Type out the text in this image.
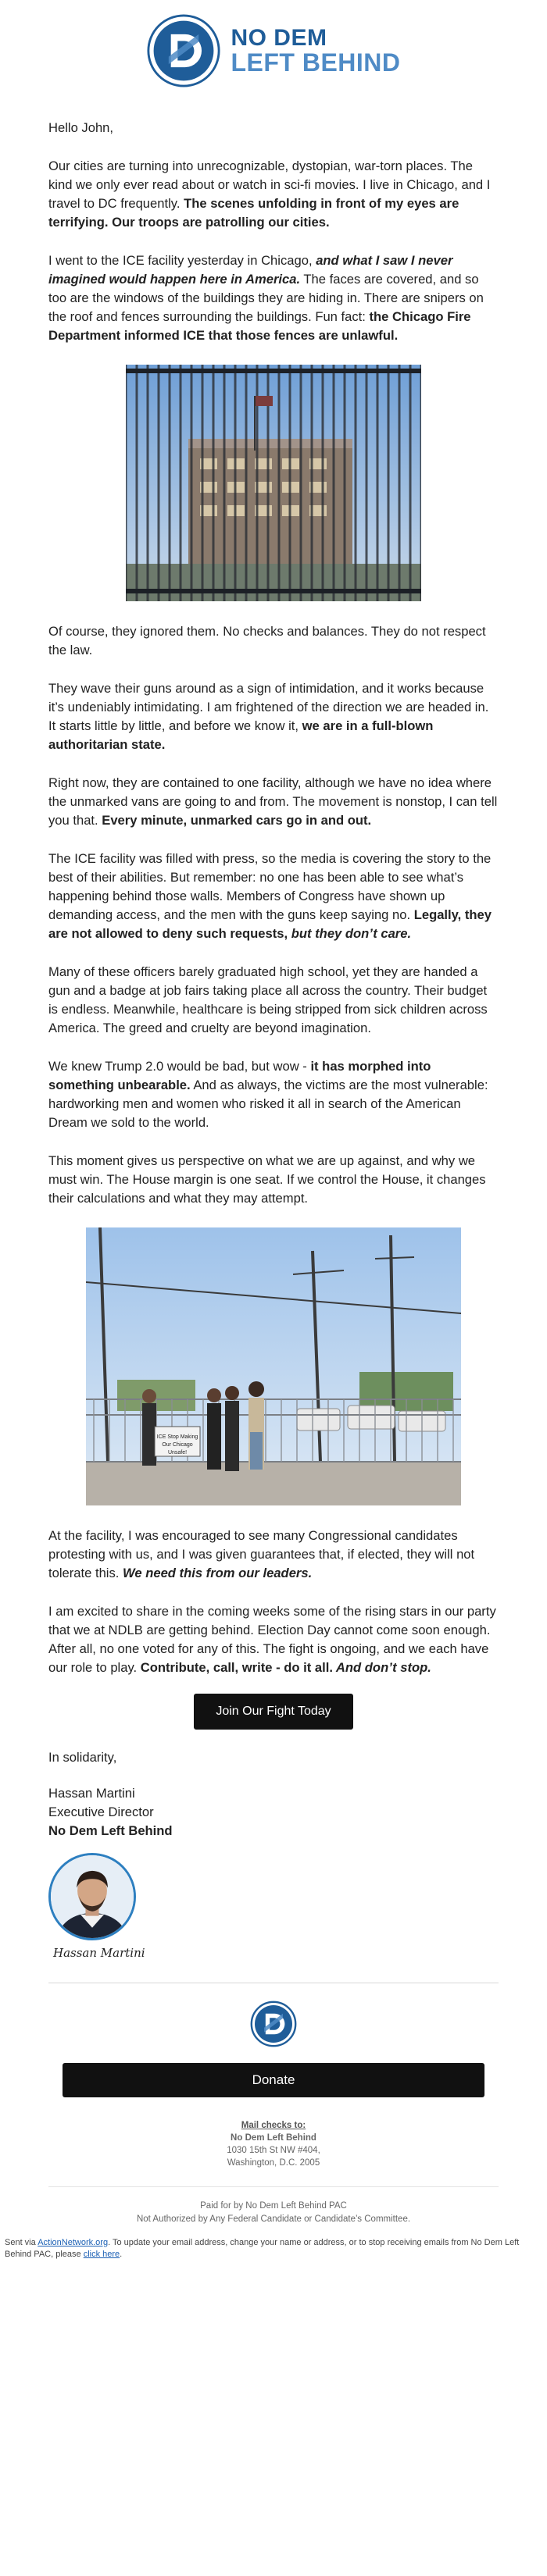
NO DEM
LEFT BEHIND

Hello John,

Our cities are turning into unrecognizable, dystopian, war-torn places. The kind we only ever read about or watch in sci-fi movies. I live in Chicago, and I travel to DC frequently. The scenes unfolding in front of my eyes are terrifying. Our troops are patrolling our cities.

I went to the ICE facility yesterday in Chicago, and what I saw I never imagined would happen here in America. The faces are covered, and so too are the windows of the buildings they are hiding in. There are snipers on the roof and fences surrounding the buildings. Fun fact: the Chicago Fire Department informed ICE that those fences are unlawful.

Of course, they ignored them. No checks and balances. They do not respect the law.

They wave their guns around as a sign of intimidation, and it works because it’s undeniably intimidating. I am frightened of the direction we are headed in. It starts little by little, and before we know it, we are in a full-blown authoritarian state.

Right now, they are contained to one facility, although we have no idea where the unmarked vans are going to and from. The movement is nonstop, I can tell you that. Every minute, unmarked cars go in and out.

The ICE facility was filled with press, so the media is covering the story to the best of their abilities. But remember: no one has been able to see what’s happening behind those walls. Members of Congress have shown up demanding access, and the men with the guns keep saying no. Legally, they are not allowed to deny such requests, but they don’t care.

Many of these officers barely graduated high school, yet they are handed a gun and a badge at job fairs taking place all across the country. Their budget is endless. Meanwhile, healthcare is being stripped from sick children across America. The greed and cruelty are beyond imagination.

We knew Trump 2.0 would be bad, but wow - it has morphed into something unbearable. And as always, the victims are the most vulnerable: hardworking men and women who risked it all in search of the American Dream we sold to the world.

This moment gives us perspective on what we are up against, and why we must win. The House margin is one seat. If we control the House, it changes their calculations and what they may attempt.

ICE Stop Making
Our Chicago
Unsafe!

At the facility, I was encouraged to see many Congressional candidates protesting with us, and I was given guarantees that, if elected, they will not tolerate this. We need this from our leaders.

I am excited to share in the coming weeks some of the rising stars in our party that we at NDLB are getting behind. Election Day cannot come soon enough. After all, no one voted for any of this. The fight is ongoing, and we each have our role to play. Contribute, call, write - do it all. And don’t stop.

Join Our Fight Today

In solidarity,

Hassan Martini
Executive Director
No Dem Left Behind

Hassan Martini
Donate
Mail checks to:
No Dem Left Behind
1030 15th St NW #404,
Washington, D.C. 2005
Paid for by No Dem Left Behind PAC
Not Authorized by Any Federal Candidate or Candidate’s Committee.
Sent via ActionNetwork.org. To update your email address, change your name or address, or to stop receiving emails from No Dem Left Behind PAC, please click here.
